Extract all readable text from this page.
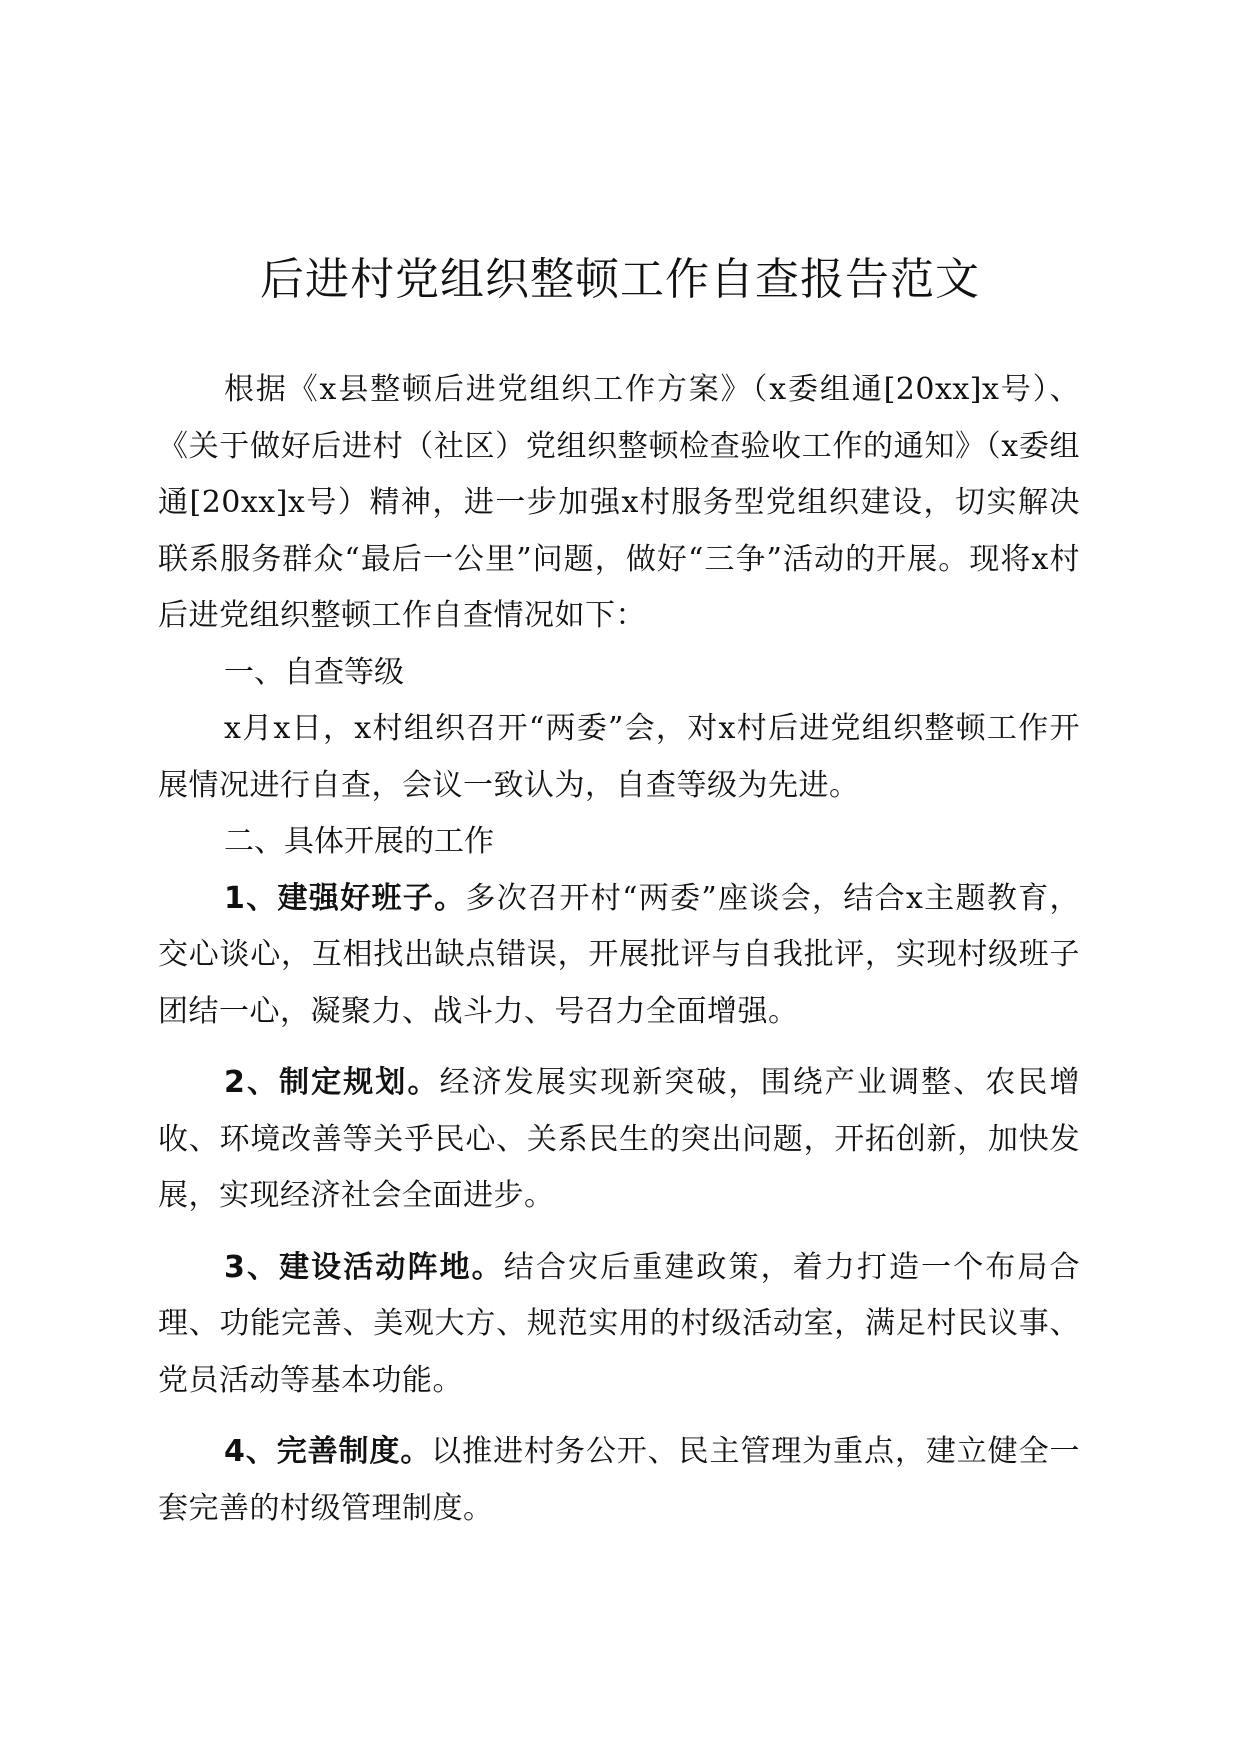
后进村党组织整顿工作自查报告范文

根据《x县整顿后进党组织工作方案》（x委组通[20xx]x号）、《关于做好后进村（社区）党组织整顿检查验收工作的通知》（x委组通[20xx]x号）精神，进一步加强x村服务型党组织建设，切实解决联系服务群众“最后一公里”问题，做好“三争”活动的开展。现将x村后进党组织整顿工作自查情况如下：

一、自查等级

x月x日，x村组织召开“两委”会，对x村后进党组织整顿工作开展情况进行自查，会议一致认为，自查等级为先进。

二、具体开展的工作

1、建强好班子。多次召开村“两委”座谈会，结合x主题教育，交心谈心，互相找出缺点错误，开展批评与自我批评，实现村级班子团结一心，凝聚力、战斗力、号召力全面增强。

2、制定规划。经济发展实现新突破，围绕产业调整、农民增收、环境改善等关乎民心、关系民生的突出问题，开拓创新，加快发展，实现经济社会全面进步。

3、建设活动阵地。结合灾后重建政策，着力打造一个布局合理、功能完善、美观大方、规范实用的村级活动室，满足村民议事、党员活动等基本功能。

4、完善制度。以推进村务公开、民主管理为重点，建立健全一套完善的村级管理制度。
